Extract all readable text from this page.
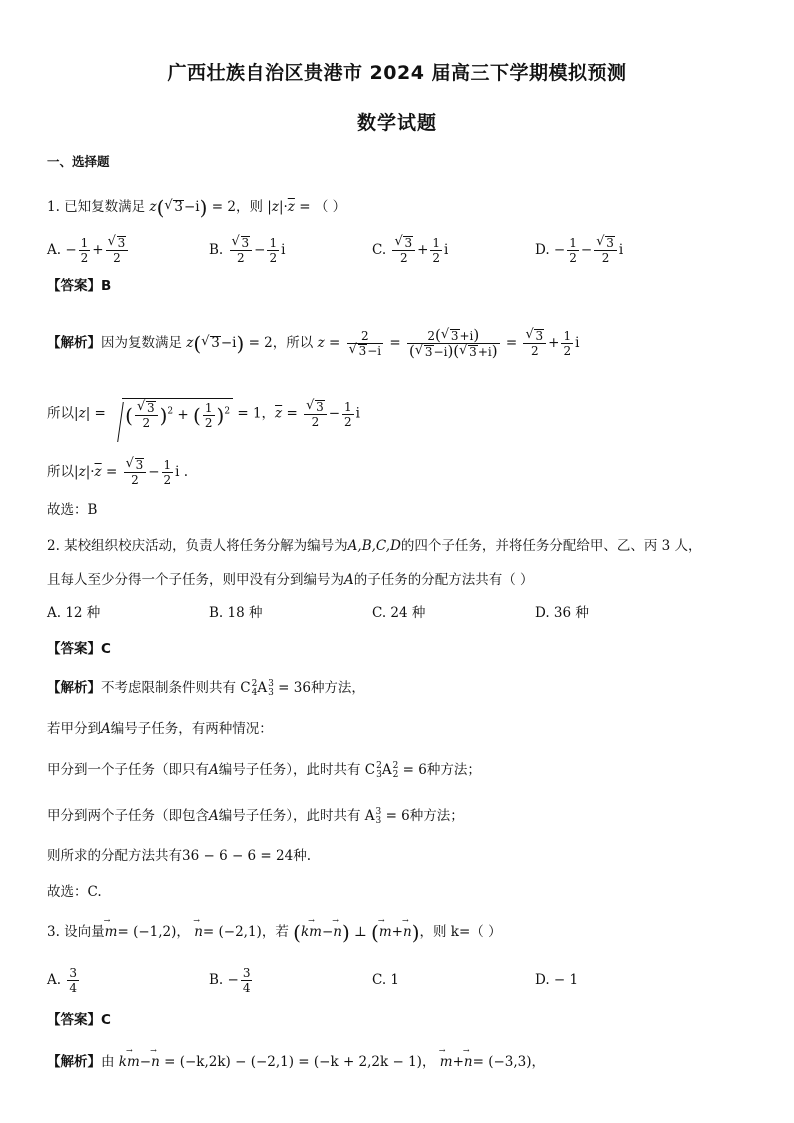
广西壮族自治区贵港市 2024 届高三下学期模拟预测
数学试题
一、选择题
1. 已知复数满足 z( √ 3−i) = 2，则 $|z|\cdot\overline{z}$ = （ ）
A. − $\frac{1}{2}$ + √ $\frac{3}{2}$	B. √ $\frac{3}{2} - \frac{1}{2}$ i	C. √ $\frac{3}{2} + \frac{1}{2}$ i	D. − $\frac{1}{2}$ − √ $\frac{3}{2}$ i
【答案】B
【解析】因为复数满足 z( √ 3−i) = 2，所以 z = 2
√ $3-i = \frac{2( √ 3+i)}{( √ 3-i)( √ 3+i)}$ = √ $\frac{3}{2} + \frac{1}{2}$ i
所以|z| = ( √ $\frac{3}{2} )^2$ + ( $\frac{1}{2} )^2 = 1$，$\overline{z}$ = √ $\frac{3}{2} - \frac{1}{2}$ i
所以$|z|\cdot\overline{z}$ = √ $\frac{3}{2} - \frac{1}{2}$ i .
故选：B
2. 某校组织校庆活动，负责人将任务分解为编号为A,B,C,D的四个子任务，并将任务分配给甲、乙、丙 3 人，
且每人至少分得一个子任务，则甲没有分到编号为A的子任务的分配方法共有（ ）
A. 12 种	B. 18 种	C. 24 种	D. 36 种
【答案】C
【解析】不考虑限制条件则共有 C 2
4 A 3
3 = 36种方法，
若甲分到A编号子任务，有两种情况：
甲分到一个子任务（即只有A编号子任务），此时共有 C 2
3 A 2
2 = 6种方法；
甲分到两个子任务（即包含A编号子任务），此时共有 A 3
3 = 6种方法；
则所求的分配方法共有36 − 6 − 6 = 24种.
故选：C.
3. 设向量→ m= (−1,2)， → n= (−2,1)，若 (k→ m−→ n) ⊥ (→ m+→ n)，则 k=（ ）
A. $\frac{3}{4}$	B. − $\frac{3}{4}$	C. 1	D. − 1
【答案】C
【解析】由 k→ m−→ n = (−k,2k) − (−2,1) = (−k + 2,2k − 1)， → m+→ n= (−3,3)，
